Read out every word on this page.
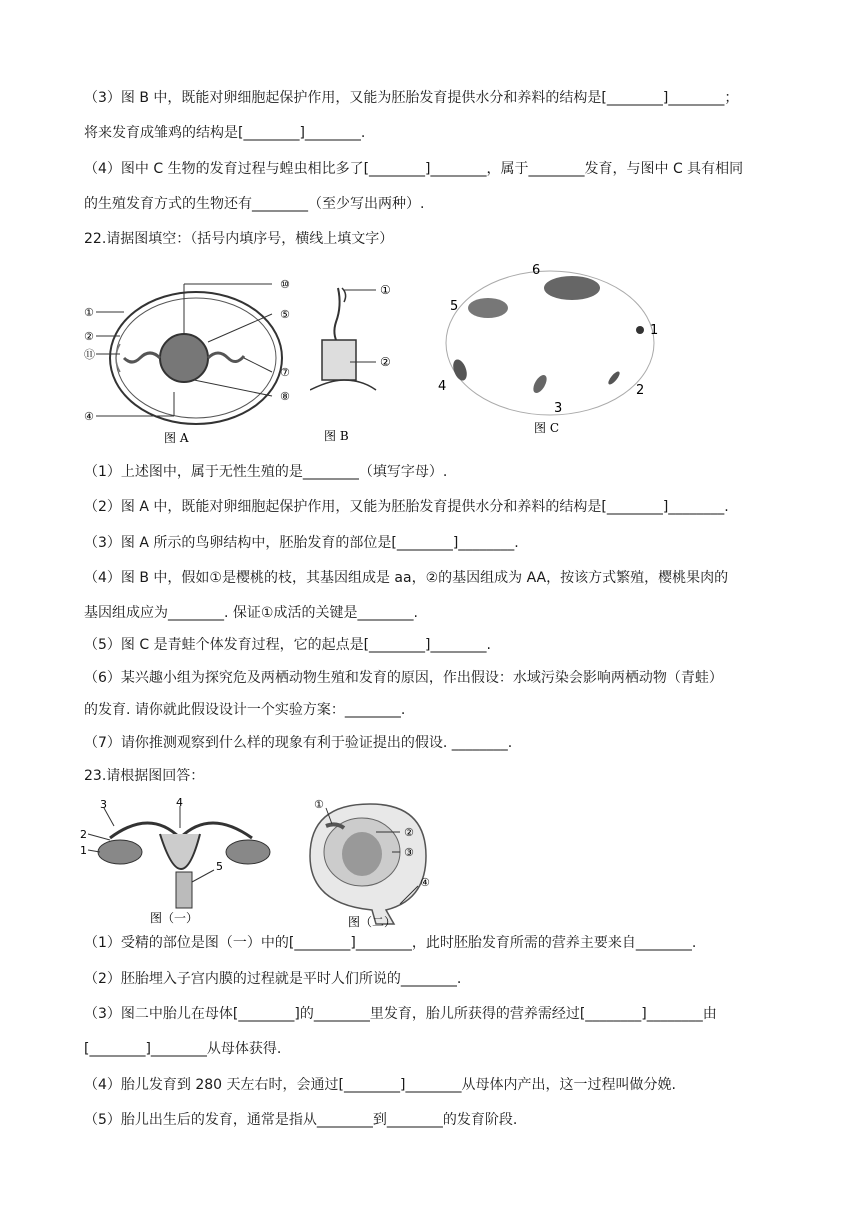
（3）图 B 中，既能对卵细胞起保护作用，又能为胚胎发育提供水分和养料的结构是[________]________；
将来发育成雏鸡的结构是[________]________.
（4）图中 C 生物的发育过程与蝗虫相比多了[________]________，属于________发育，与图中 C 具有相同
的生殖发育方式的生物还有________（至少写出两种）.
22.请据图填空：（括号内填序号，横线上填文字）
⑩
①
②
⑪
④
⑤
⑦
⑧
图 A
①
②
图 B
6
5
1
2
3
4
图 C
（1）上述图中，属于无性生殖的是________（填写字母）.
（2）图 A 中，既能对卵细胞起保护作用，又能为胚胎发育提供水分和养料的结构是[________]________.
（3）图 A 所示的鸟卵结构中，胚胎发育的部位是[________]________.
（4）图 B 中，假如①是樱桃的枝，其基因组成是 aa，②的基因组成为 AA，按该方式繁殖，樱桃果肉的
基因组成应为________. 保证①成活的关键是________.
（5）图 C 是青蛙个体发育过程，它的起点是[________]________.
（6）某兴趣小组为探究危及两栖动物生殖和发育的原因，作出假设：水域污染会影响两栖动物（青蛙）
的发育. 请你就此假设设计一个实验方案：________.
（7）请你推测观察到什么样的现象有利于验证提出的假设. ________.
23.请根据图回答：
2
1
3	4
5
图（一）
①
②
③
④
图（二）
（1）受精的部位是图（一）中的[________]________，此时胚胎发育所需的营养主要来自________.
（2）胚胎埋入子宫内膜的过程就是平时人们所说的________.
（3）图二中胎儿在母体[________]的________里发育，胎儿所获得的营养需经过[________]________由
[________]________从母体获得.
（4）胎儿发育到 280 天左右时，会通过[________]________从母体内产出，这一过程叫做分娩.
（5）胎儿出生后的发育，通常是指从________到________的发育阶段.
